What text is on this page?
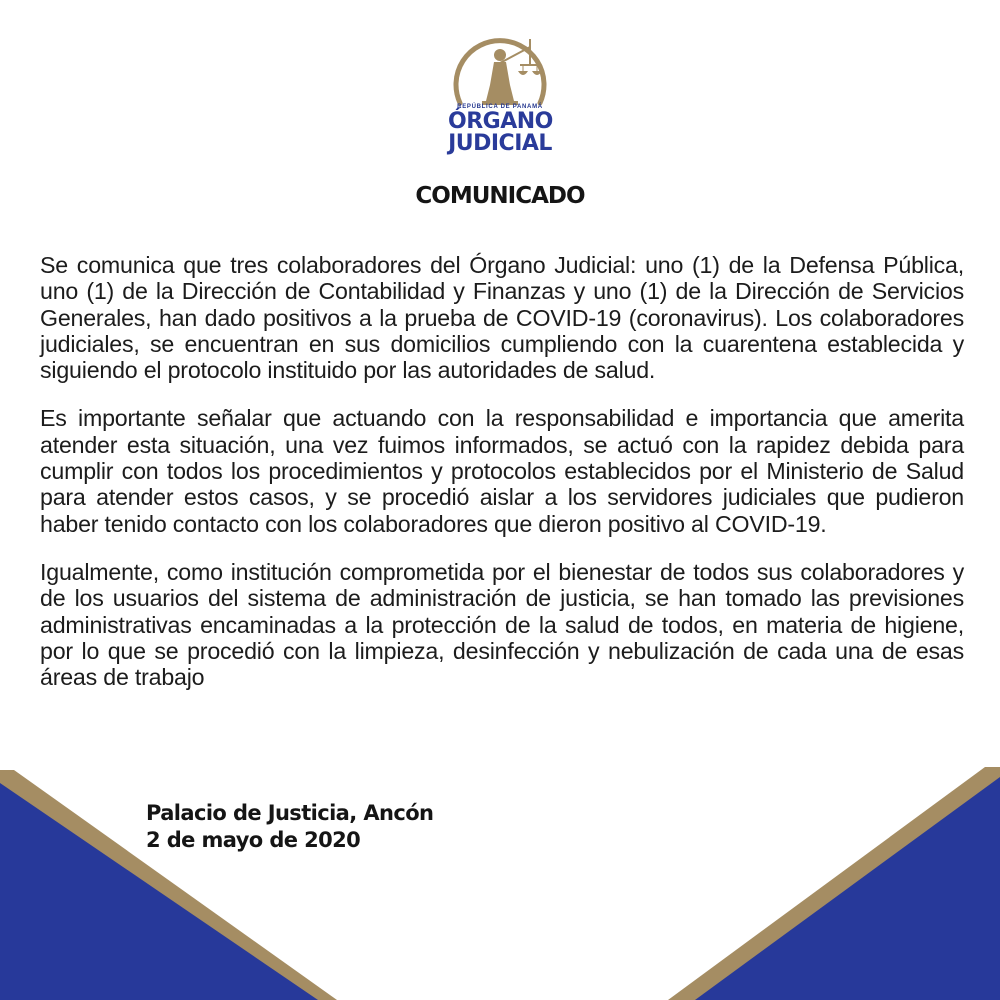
REPÚBLICA DE PANAMÁ
ÓRGANO
JUDICIAL
COMUNICADO

Se comunica que tres colaboradores del Órgano Judicial: uno (1) de la Defensa Pública, uno (1) de la Dirección de Contabilidad y Finanzas y uno (1) de la Dirección de Servicios Generales, han dado positivos a la prueba de COVID-19 (coronavirus). Los colaboradores judiciales, se encuentran en sus domicilios cumpliendo con la cuarentena establecida y siguiendo el protocolo instituido por las autoridades de salud.

Es importante señalar que actuando con la responsabilidad e importancia que amerita atender esta situación, una vez fuimos informados, se actuó con la rapidez debida para cumplir con todos los procedimientos y protocolos establecidos por el Ministerio de Salud para atender estos casos, y se procedió aislar a los servidores judiciales que pudieron haber tenido contacto con los colaboradores que dieron positivo al COVID-19.

Igualmente, como institución comprometida por el bienestar de todos sus colaboradores y de los usuarios del sistema de administración de justicia, se han tomado las previsiones administrativas encaminadas a la protección de la salud de todos, en materia de higiene, por lo que se procedió con la limpieza, desinfección y nebulización de cada una de esas áreas de trabajo

Palacio de Justicia, Ancón
2 de mayo de 2020
